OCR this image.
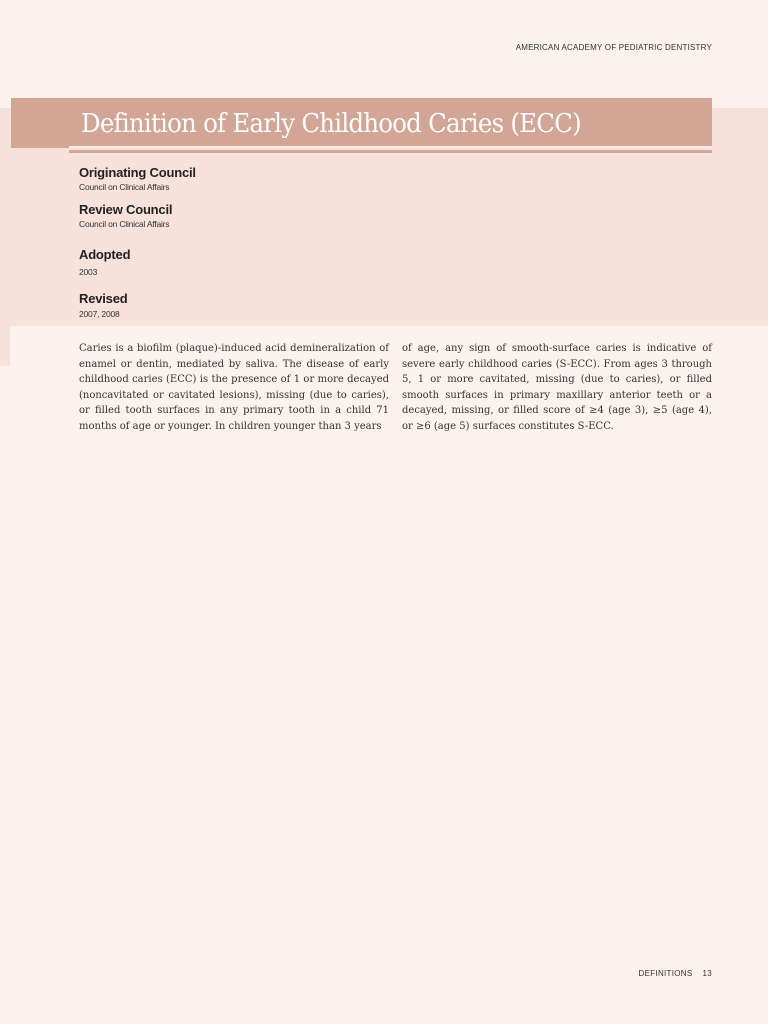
AMERICAN ACADEMY OF PEDIATRIC DENTISTRY
Definition of Early Childhood Caries (ECC)

Originating Council

Council on Clinical Affairs

Review Council

Council on Clinical Affairs

Adopted

2003

Revised

2007, 2008

Caries is a biofilm (plaque)-induced acid demineralization of enamel or dentin, mediated by saliva. The disease of early childhood caries (ECC) is the presence of 1 or more decayed (noncavitated or cavitated lesions), missing (due to caries), or filled tooth surfaces in any primary tooth in a child 71 months of age or younger. In children younger than 3 years

of age, any sign of smooth-surface caries is indicative of severe early childhood caries (S-ECC). From ages 3 through 5, 1 or more cavitated, missing (due to caries), or filled smooth surfaces in primary maxillary anterior teeth or a decayed, missing, or filled score of ≥4 (age 3), ≥5 (age 4), or ≥6 (age 5) surfaces constitutes S-ECC.

DEFINITIONS 13
